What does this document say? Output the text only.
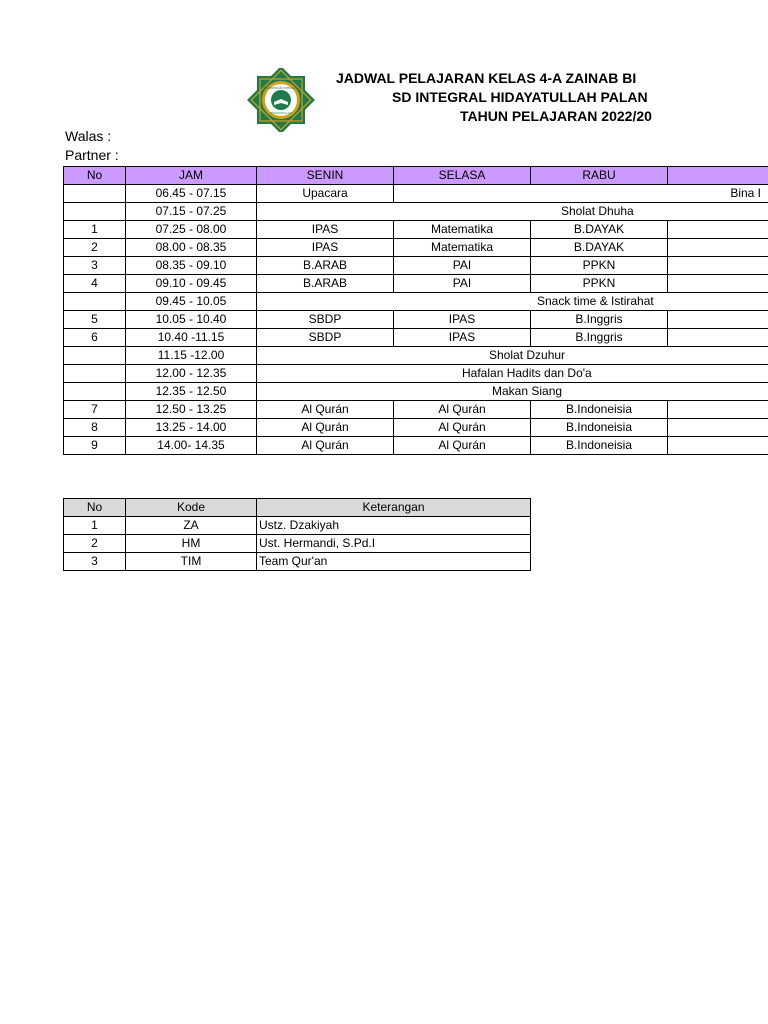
PENDIDIKAN INTEGRAL
HIDAYATULLAH
JADWAL PELAJARAN KELAS 4-A ZAINAB BI
SD INTEGRAL HIDAYATULLAH PALAN
TAHUN PELAJARAN 2022/20
Walas :
Partner :
No	JAM	SENIN	SELASA	RABU	
	06.45 - 07.15	Upacara	Bina I		
	07.15 - 07.25	Sholat Dhuha			
1	07.25 - 08.00	IPAS	Matematika	B.DAYAK	
2	08.00 - 08.35	IPAS	Matematika	B.DAYAK	
3	08.35 - 09.10	B.ARAB	PAI	PPKN	
4	09.10 - 09.45	B.ARAB	PAI	PPKN	
	09.45 - 10.05	Snack time & Istirahat			
5	10.05 - 10.40	SBDP	IPAS	B.Inggris	
6	10.40 -11.15	SBDP	IPAS	B.Inggris	
	11.15 -12.00	Sholat Dzuhur			
	12.00 - 12.35	Hafalan Hadits dan Do'a			
	12.35 - 12.50	Makan Siang			
7	12.50 - 13.25	Al Qurán	Al Qurán	B.Indoneisia	
8	13.25 - 14.00	Al Qurán	Al Qurán	B.Indoneisia	
9	14.00- 14.35	Al Qurán	Al Qurán	B.Indoneisia	
No	Kode	Keterangan
1	ZA	Ustz. Dzakiyah
2	HM	Ust. Hermandi, S.Pd.I
3	TIM	Team Qur'an
